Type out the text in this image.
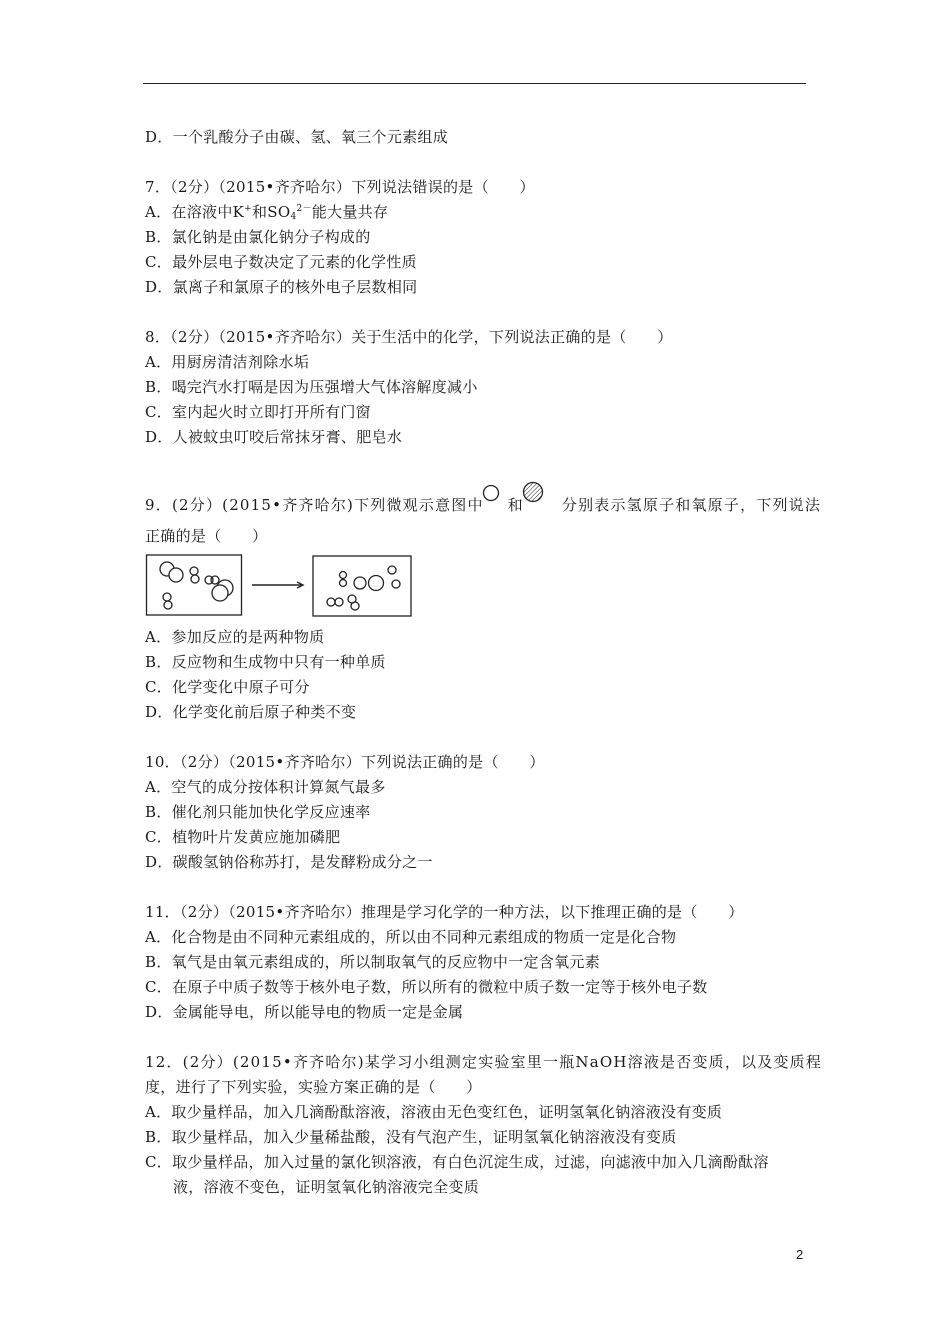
D．一个乳酸分子由碳、氢、氧三个元素组成
7．（2分）（2015•齐齐哈尔）下列说法错误的是（　　）
A．在溶液中K+和$SO_4^{2-}$能大量共存
B．氯化钠是由氯化钠分子构成的
C．最外层电子数决定了元素的化学性质
D．氯离子和氯原子的核外电子层数相同
8．（2分）（2015•齐齐哈尔）关于生活中的化学，下列说法正确的是（　　）
A．用厨房清洁剂除水垢
B．喝完汽水打嗝是因为压强增大气体溶解度减小
C．室内起火时立即打开所有门窗
D．人被蚊虫叮咬后常抹牙膏、肥皂水
9．(2分）(2015•齐齐哈尔)下列微观示意图中 和	分别表示氢原子和氧原子，下列说法
正确的是（　　）
A．参加反应的是两种物质
B．反应物和生成物中只有一种单质
C．化学变化中原子可分
D．化学变化前后原子种类不变
10．（2分）（2015•齐齐哈尔）下列说法正确的是（　　）
A．空气的成分按体积计算氮气最多
B．催化剂只能加快化学反应速率
C．植物叶片发黄应施加磷肥
D．碳酸氢钠俗称苏打，是发酵粉成分之一
11．（2分）（2015•齐齐哈尔）推理是学习化学的一种方法，以下推理正确的是（　　）
A．化合物是由不同种元素组成的，所以由不同种元素组成的物质一定是化合物
B．氧气是由氧元素组成的，所以制取氧气的反应物中一定含氧元素
C．在原子中质子数等于核外电子数，所以所有的微粒中质子数一定等于核外电子数
D．金属能导电，所以能导电的物质一定是金属
12．(2分）(2015•齐齐哈尔)某学习小组测定实验室里一瓶NaOH溶液是否变质，以及变质程
度，进行了下列实验，实验方案正确的是（　　）
A．取少量样品，加入几滴酚酞溶液，溶液由无色变红色，证明氢氧化钠溶液没有变质
B．取少量样品，加入少量稀盐酸，没有气泡产生，证明氢氧化钠溶液没有变质
C．取少量样品，加入过量的氯化钡溶液，有白色沉淀生成，过滤，向滤液中加入几滴酚酞溶
液，溶液不变色，证明氢氧化钠溶液完全变质
2
